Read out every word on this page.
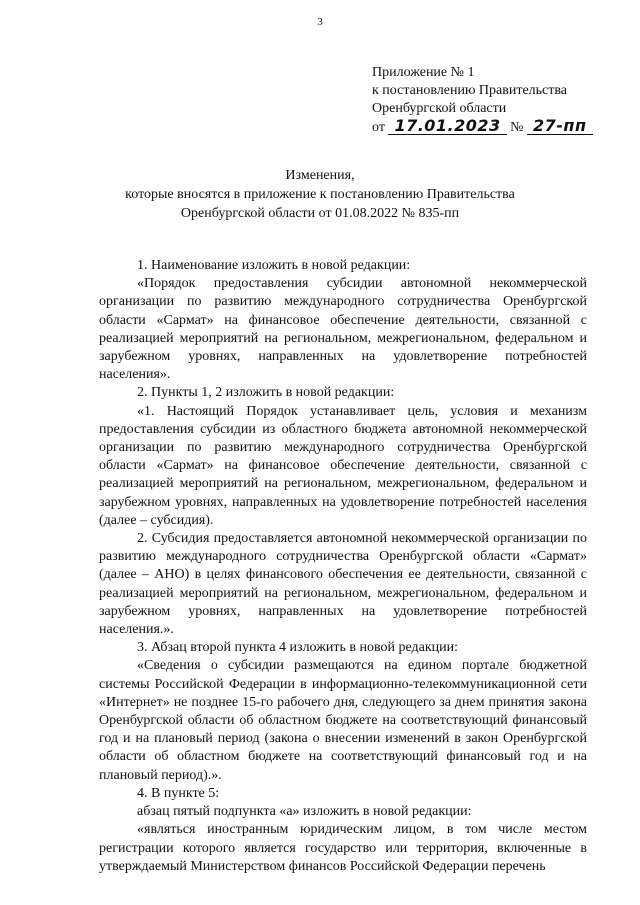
3
Приложение № 1
к постановлению Правительства
Оренбургской области
от 17.01.2023 № 27-пп
Изменения,
которые вносятся в приложение к постановлению Правительства
Оренбургской области от 01.08.2022 № 835-пп

1. Наименование изложить в новой редакции:

«Порядок предоставления субсидии автономной некоммерческой организации по развитию международного сотрудничества Оренбургской области «Сармат» на финансовое обеспечение деятельности, связанной с реализацией мероприятий на региональном, межрегиональном, федеральном и зарубежном уровнях, направленных на удовлетворение потребностей населения».

2. Пункты 1, 2 изложить в новой редакции:

«1. Настоящий Порядок устанавливает цель, условия и механизм предоставления субсидии из областного бюджета автономной некоммерческой организации по развитию международного сотрудничества Оренбургской области «Сармат» на финансовое обеспечение деятельности, связанной с реализацией мероприятий на региональном, межрегиональном, федеральном и зарубежном уровнях, направленных на удовлетворение потребностей населения (далее – субсидия).

2. Субсидия предоставляется автономной некоммерческой организации по развитию международного сотрудничества Оренбургской области «Сармат» (далее – АНО) в целях финансового обеспечения ее деятельности, связанной с реализацией мероприятий на региональном, межрегиональном, федеральном и зарубежном уровнях, направленных на удовлетворение потребностей населения.».

3. Абзац второй пункта 4 изложить в новой редакции:

«Сведения о субсидии размещаются на едином портале бюджетной системы Российской Федерации в информационно-телекоммуникационной сети «Интернет» не позднее 15-го рабочего дня, следующего за днем принятия закона Оренбургской области об областном бюджете на соответствующий финансовый год и на плановый период (закона о внесении изменений в закон Оренбургской области об областном бюджете на соответствующий финансовый год и на плановый период).».

4. В пункте 5:

абзац пятый подпункта «а» изложить в новой редакции:

«являться иностранным юридическим лицом, в том числе местом регистрации которого является государство или территория, включенные в утверждаемый Министерством финансов Российской Федерации перечень
